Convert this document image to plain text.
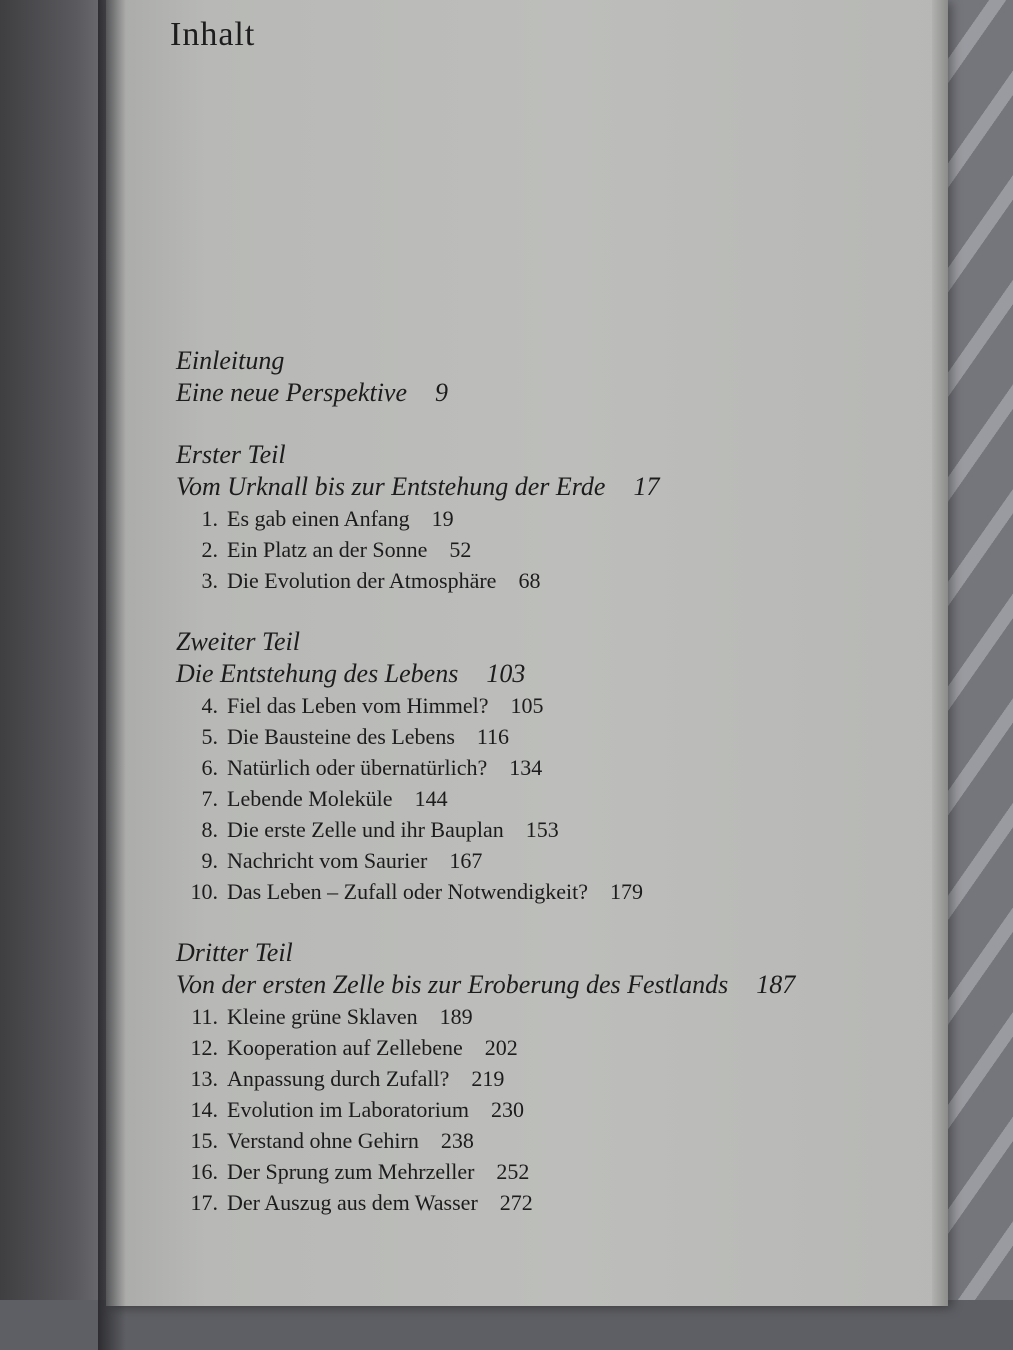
Inhalt
Einleitung
Eine neue Perspektive 9
Erster Teil
Vom Urknall bis zur Entstehung der Erde 17
1. Es gab einen Anfang 19
2. Ein Platz an der Sonne 52
3. Die Evolution der Atmosphäre 68
Zweiter Teil
Die Entstehung des Lebens 103
4. Fiel das Leben vom Himmel? 105
5. Die Bausteine des Lebens 116
6. Natürlich oder übernatürlich? 134
7. Lebende Moleküle 144
8. Die erste Zelle und ihr Bauplan 153
9. Nachricht vom Saurier 167
10. Das Leben – Zufall oder Notwendigkeit? 179
Dritter Teil
Von der ersten Zelle bis zur Eroberung des Festlands 187
11. Kleine grüne Sklaven 189
12. Kooperation auf Zellebene 202
13. Anpassung durch Zufall? 219
14. Evolution im Laboratorium 230
15. Verstand ohne Gehirn 238
16. Der Sprung zum Mehrzeller 252
17. Der Auszug aus dem Wasser 272
